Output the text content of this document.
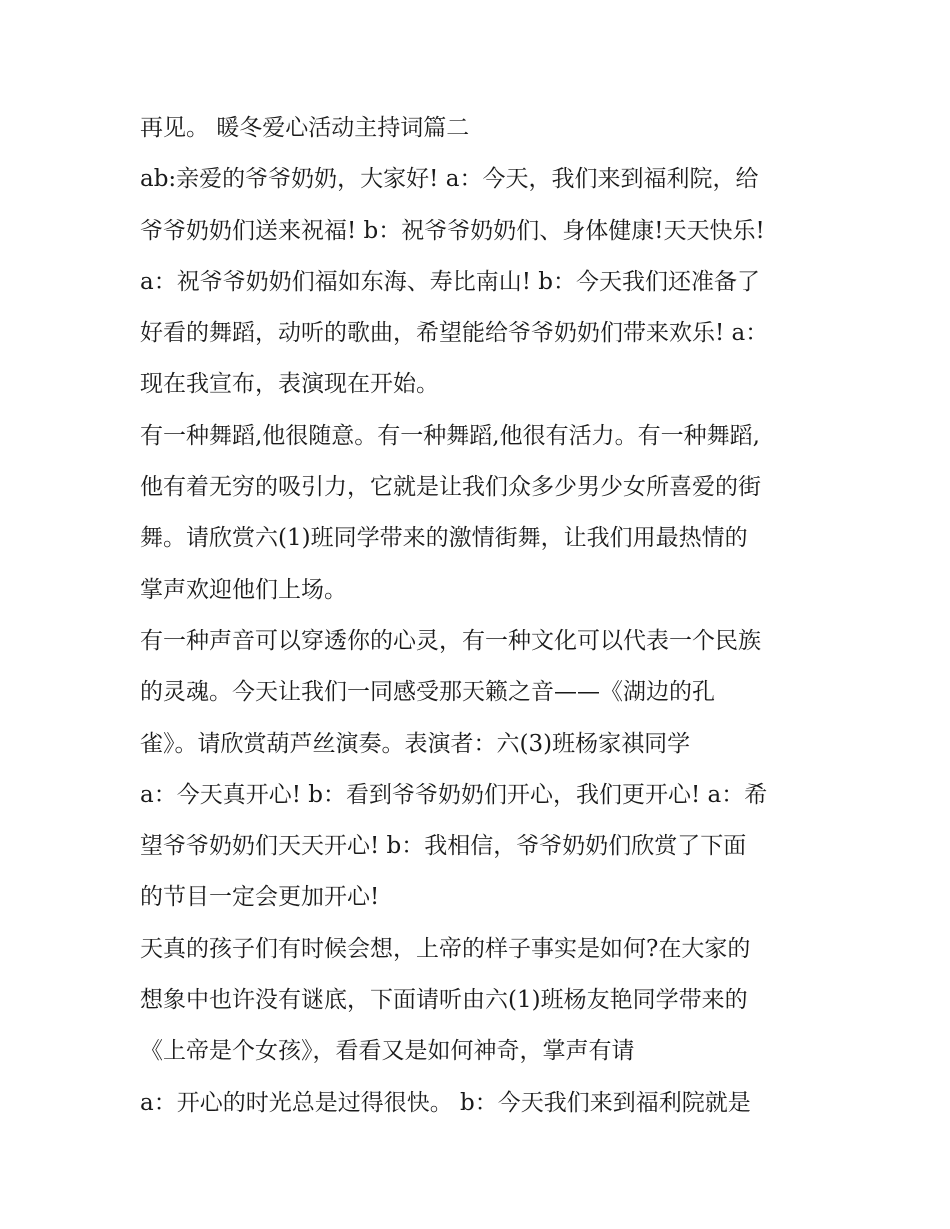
再见。 暖冬爱心活动主持词篇二
ab:亲爱的爷爷奶奶，大家好! a：今天，我们来到福利院，给
爷爷奶奶们送来祝福! b：祝爷爷奶奶们、身体健康!天天快乐!
a：祝爷爷奶奶们福如东海、寿比南山! b：今天我们还准备了
好看的舞蹈，动听的歌曲，希望能给爷爷奶奶们带来欢乐! a：
现在我宣布，表演现在开始。
有一种舞蹈,他很随意。有一种舞蹈,他很有活力。有一种舞蹈,
他有着无穷的吸引力，它就是让我们众多少男少女所喜爱的街
舞。请欣赏六(1)班同学带来的激情街舞，让我们用最热情的
掌声欢迎他们上场。
有一种声音可以穿透你的心灵，有一种文化可以代表一个民族
的灵魂。今天让我们一同感受那天籁之音——《湖边的孔
雀》。请欣赏葫芦丝演奏。表演者：六(3)班杨家祺同学
a：今天真开心! b：看到爷爷奶奶们开心，我们更开心! a：希
望爷爷奶奶们天天开心! b：我相信，爷爷奶奶们欣赏了下面
的节目一定会更加开心!
天真的孩子们有时候会想，上帝的样子事实是如何?在大家的
想象中也许没有谜底，下面请听由六(1)班杨友艳同学带来的
《上帝是个女孩》，看看又是如何神奇，掌声有请
a：开心的时光总是过得很快。 b：今天我们来到福利院就是
